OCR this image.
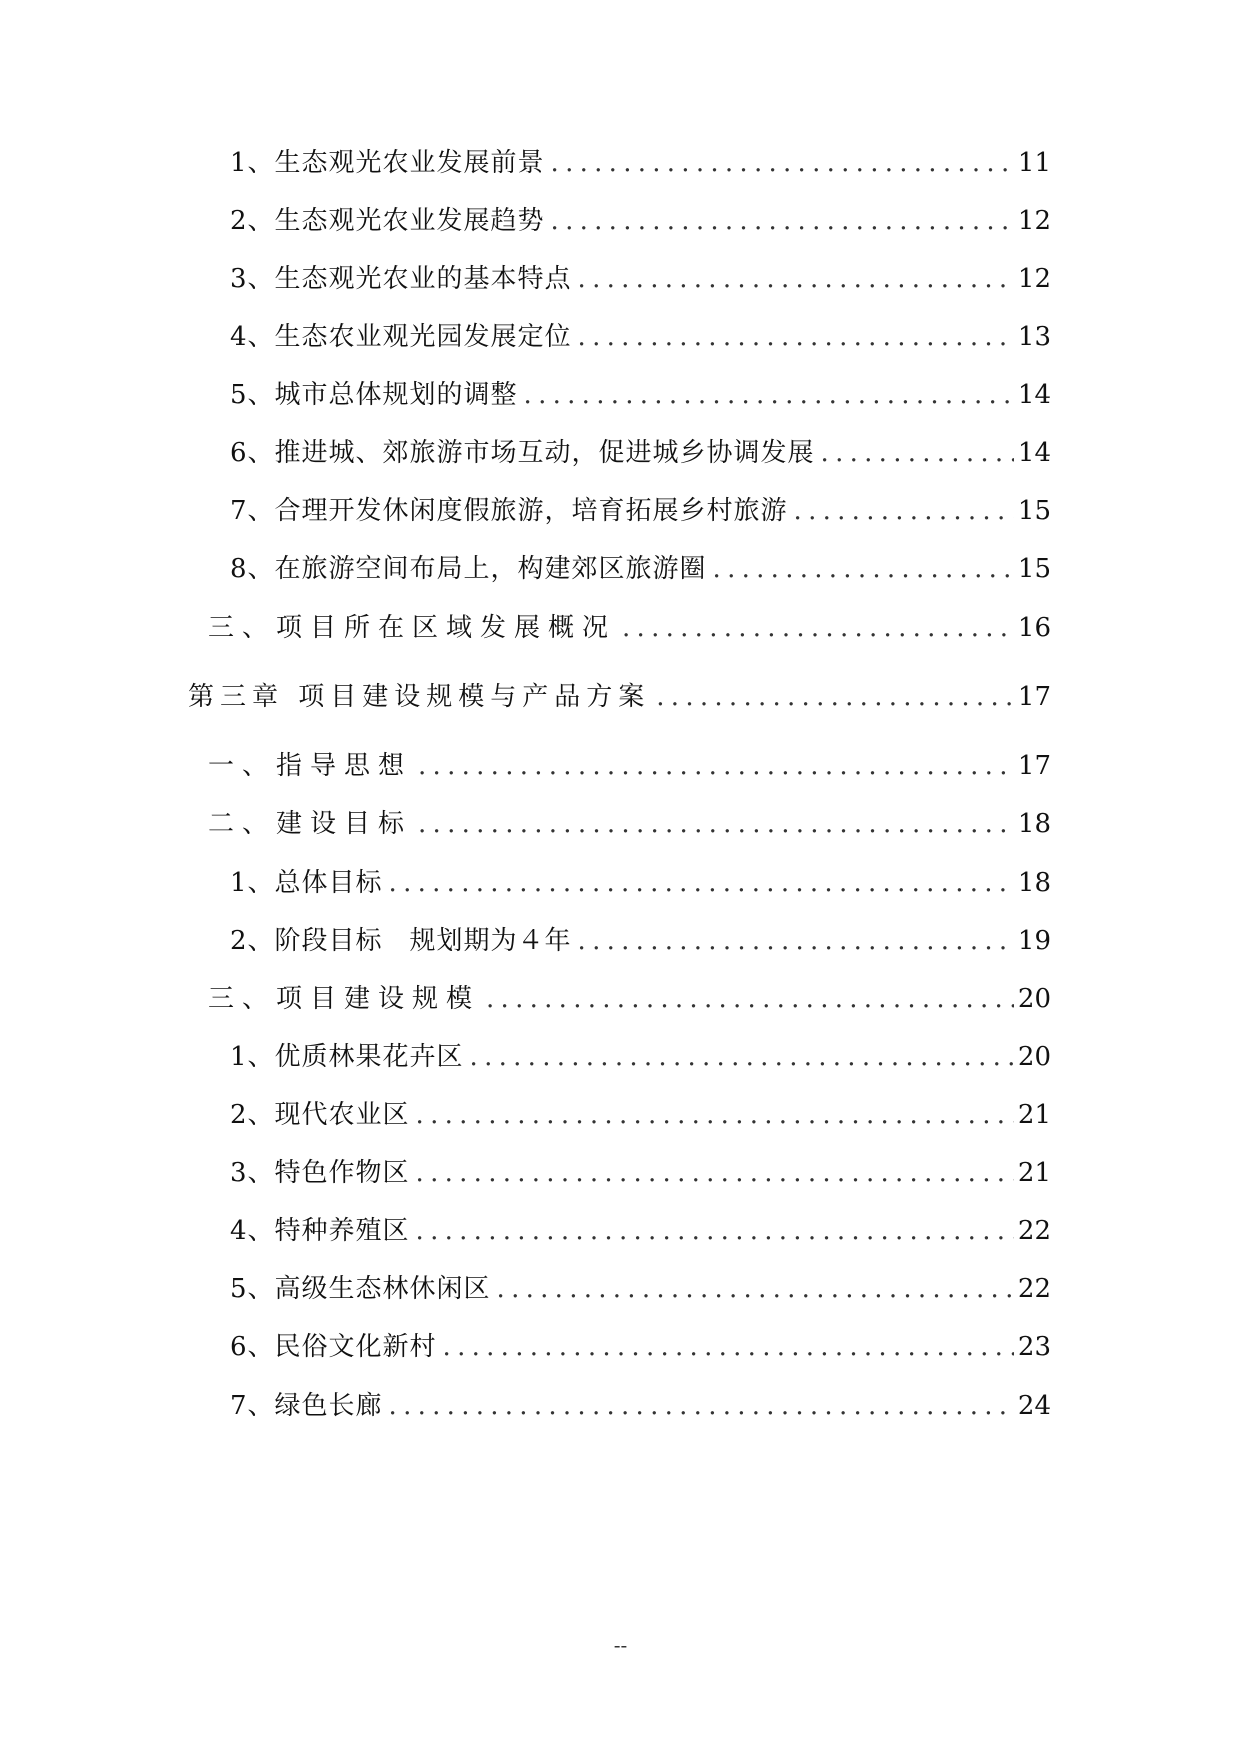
1、生态观光农业发展前景 . . .	11
2、生态观光农业发展趋势 . . .	12
3、生态观光农业的基本特点 . . .	12
4、生态农业观光园发展定位 . . .	13
5、城市总体规划的调整 . . .	14
6、推进城、郊旅游市场互动，促进城乡协调发展 . . .	14
7、合理开发休闲度假旅游，培育拓展乡村旅游 . . .	15
8、在旅游空间布局上，构建郊区旅游圈 . . .	15
三、项目所在区域发展概况 . . .	16
第三章 项目建设规模与产品方案 . . .	17
一、指导思想 . . .	17
二、建设目标 . . .	18
1、总体目标 . . .	18
2、阶段目标　规划期为４年 . . .	19
三、项目建设规模 . . .	20
1、优质林果花卉区 . . .	20
2、现代农业区 . . .	21
3、特色作物区 . . .	21
4、特种养殖区 . . .	22
5、高级生态林休闲区 . . .	22
6、民俗文化新村 . . .	23
7、绿色长廊 . . .	24
--
